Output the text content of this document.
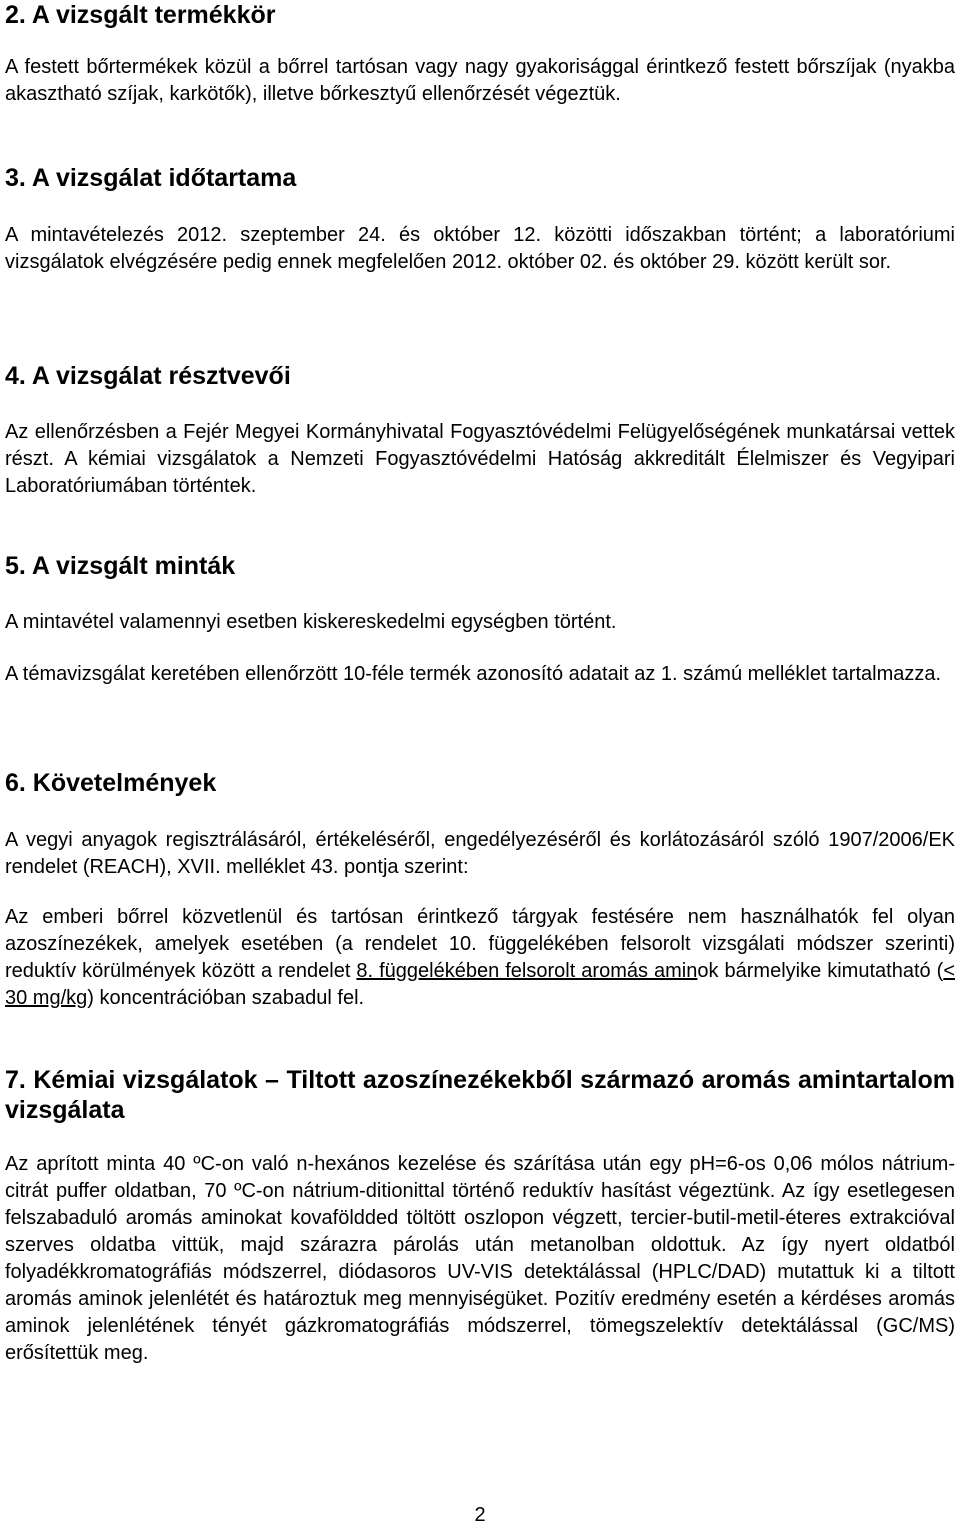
2. A vizsgált termékkör

A festett bőrtermékek közül a bőrrel tartósan vagy nagy gyakorisággal érintkező festett bőrszíjak (nyakba akasztható szíjak, karkötők), illetve bőrkesztyű ellenőrzését végeztük.

3. A vizsgálat időtartama

A mintavételezés 2012. szeptember 24. és október 12. közötti időszakban történt; a laboratóriumi vizsgálatok elvégzésére pedig ennek megfelelően 2012. október 02. és október 29. között került sor.

4. A vizsgálat résztvevői

Az ellenőrzésben a Fejér Megyei Kormányhivatal Fogyasztóvédelmi Felügyelőségének munkatársai vettek részt. A kémiai vizsgálatok a Nemzeti Fogyasztóvédelmi Hatóság akkreditált Élelmiszer és Vegyipari Laboratóriumában történtek.

5. A vizsgált minták

A mintavétel valamennyi esetben kiskereskedelmi egységben történt.

A témavizsgálat keretében ellenőrzött 10-féle termék azonosító adatait az 1. számú melléklet tartalmazza.

6. Követelmények

A vegyi anyagok regisztrálásáról, értékeléséről, engedélyezéséről és korlátozásáról szóló 1907/2006/EK rendelet (REACH), XVII. melléklet 43. pontja szerint:

Az emberi bőrrel közvetlenül és tartósan érintkező tárgyak festésére nem használhatók fel olyan azoszínezékek, amelyek esetében (a rendelet 10. függelékében felsorolt vizsgálati módszer szerinti) reduktív körülmények között a rendelet 8. függelékében felsorolt aromás aminok bármelyike kimutatható (< 30 mg/kg) koncentrációban szabadul fel.

7. Kémiai vizsgálatok – Tiltott azoszínezékekből származó aromás amintartalom vizsgálata

Az aprított minta 40 ºC-on való n-hexános kezelése és szárítása után egy pH=6-os 0,06 mólos nátrium-citrát puffer oldatban, 70 ºC-on nátrium-ditionittal történő reduktív hasítást végeztünk. Az így esetlegesen felszabaduló aromás aminokat kovaföldded töltött oszlopon végzett, tercier-butil-metil-éteres extrakcióval szerves oldatba vittük, majd szárazra párolás után metanolban oldottuk. Az így nyert oldatból folyadékkromatográfiás módszerrel, diódasoros UV-VIS detektálással (HPLC/DAD) mutattuk ki a tiltott aromás aminok jelenlétét és határoztuk meg mennyiségüket. Pozitív eredmény esetén a kérdéses aromás aminok jelenlétének tényét gázkromatográfiás módszerrel, tömegszelektív detektálással (GC/MS) erősítettük meg.

2
